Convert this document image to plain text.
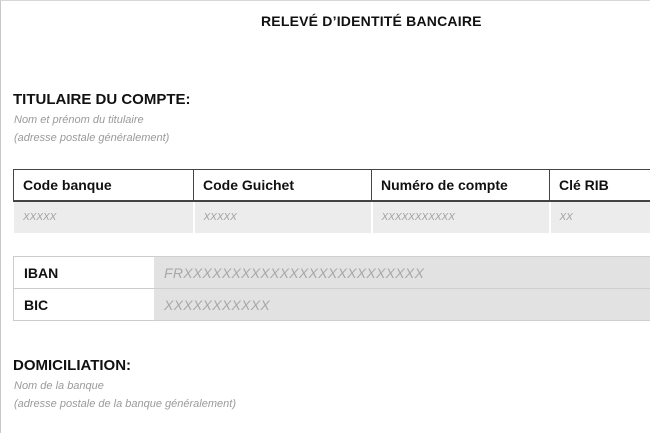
RELEVÉ D’IDENTITÉ BANCAIRE
TITULAIRE DU COMPTE:
Nom et prénom du titulaire
(adresse postale généralement)
Code banque	Code Guichet	Numéro de compte	Clé RIB
XXXXX	XXXXX	XXXXXXXXXXX	XX
IBAN	FRXXXXXXXXXXXXXXXXXXXXXXXXX
BIC	XXXXXXXXXXX
DOMICILIATION:
Nom de la banque
(adresse postale de la banque généralement)
